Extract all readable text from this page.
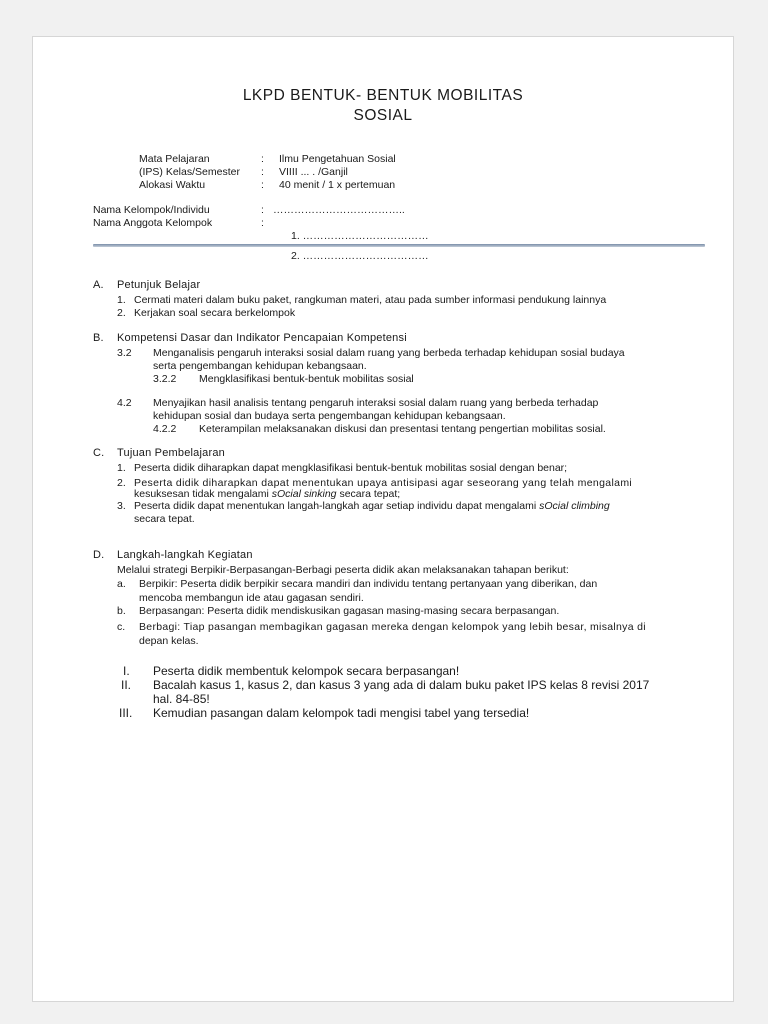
LKPD BENTUK- BENTUK MOBILITAS
SOSIAL
Mata Pelajaran	: Ilmu Pengetahuan Sosial
(IPS) Kelas/Semester : VIIII ... . /Ganjil
Alokasi Waktu	: 40 menit / 1 x pertemuan
Nama Kelompok/Individu	: ………………………………..
Nama Anggota Kelompok	:
1. ………………………………
2. ………………………………
A. Petunjuk Belajar
1. Cermati materi dalam buku paket, rangkuman materi, atau pada sumber informasi pendukung lainnya
2. Kerjakan soal secara berkelompok
B. Kompetensi Dasar dan Indikator Pencapaian Kompetensi
3.2 Menganalisis pengaruh interaksi sosial dalam ruang yang berbeda terhadap kehidupan sosial budaya
serta pengembangan kehidupan kebangsaan.
3.2.2 Mengklasifikasi bentuk-bentuk mobilitas sosial
4.2 Menyajikan hasil analisis tentang pengaruh interaksi sosial dalam ruang yang berbeda terhadap
kehidupan sosial dan budaya serta pengembangan kehidupan kebangsaan.
4.2.2 Keterampilan melaksanakan diskusi dan presentasi tentang pengertian mobilitas sosial.
C. Tujuan Pembelajaran
1. Peserta didik diharapkan dapat mengklasifikasi bentuk-bentuk mobilitas sosial dengan benar;
2. Peserta didik diharapkan dapat menentukan upaya antisipasi agar seseorang yang telah mengalami
kesuksesan tidak mengalami sOcial sinking secara tepat;
3. Peserta didik dapat menentukan langah-langkah agar setiap individu dapat mengalami sOcial climbing
secara tepat.
D. Langkah-langkah Kegiatan
Melalui strategi Berpikir-Berpasangan-Berbagi peserta didik akan melaksanakan tahapan berikut:
a. Berpikir: Peserta didik berpikir secara mandiri dan individu tentang pertanyaan yang diberikan, dan
mencoba membangun ide atau gagasan sendiri.
b. Berpasangan: Peserta didik mendiskusikan gagasan masing-masing secara berpasangan.
c. Berbagi: Tiap pasangan membagikan gagasan mereka dengan kelompok yang lebih besar, misalnya di
depan kelas.
I. Peserta didik membentuk kelompok secara berpasangan!
II. Bacalah kasus 1, kasus 2, dan kasus 3 yang ada di dalam buku paket IPS kelas 8 revisi 2017
hal. 84-85!
III. Kemudian pasangan dalam kelompok tadi mengisi tabel yang tersedia!
